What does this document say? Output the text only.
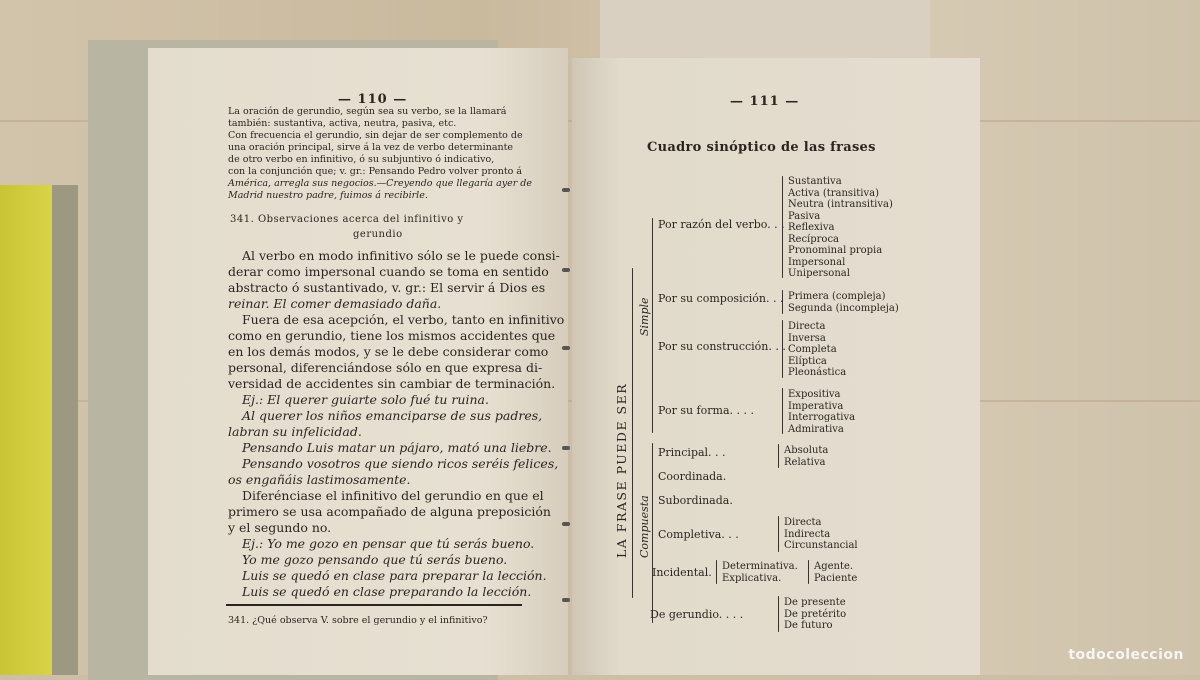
— 110 —
La oración de gerundio, según sea su verbo, se la llamará
también: sustantiva, activa, neutra, pasiva, etc.
Con frecuencia el gerundio, sin dejar de ser complemento de
una oración principal, sirve á la vez de verbo determinante
de otro verbo en infinitivo, ó su subjuntivo ó indicativo,
con la conjunción que; v. gr.: Pensando Pedro volver pronto á
América, arregla sus negocios.—Creyendo que llegaría ayer de
Madrid nuestro padre, fuimos á recibirle.
341. Observaciones acerca del infinitivo y
gerundio
Al verbo en modo infinitivo sólo se le puede consi-
derar como impersonal cuando se toma en sentido
abstracto ó sustantivado, v. gr.: El servir á Dios es
reinar. El comer demasiado daña.
Fuera de esa acepción, el verbo, tanto en infinitivo
como en gerundio, tiene los mismos accidentes que
en los demás modos, y se le debe considerar como
personal, diferenciándose sólo en que expresa di-
versidad de accidentes sin cambiar de terminación.
Ej.: El querer guiarte solo fué tu ruina.
Al querer los niños emanciparse de sus padres,
labran su infelicidad.
Pensando Luis matar un pájaro, mató una liebre.
Pensando vosotros que siendo ricos seréis felices,
os engañáis lastimosamente.
Diferénciase el infinitivo del gerundio en que el
primero se usa acompañado de alguna preposición
y el segundo no.
Ej.: Yo me gozo en pensar que tú serás bueno.
Yo me gozo pensando que tú serás bueno.
Luis se quedó en clase para preparar la lección.
Luis se quedó en clase preparando la lección.
341. ¿Qué observa V. sobre el gerundio y el infinitivo?
— 111 —
Cuadro sinóptico de las frases
LA FRASE PUEDE SER
Simple
Compuesta
Por razón del verbo. . .
Sustantiva
Activa (transitiva)
Neutra (intransitiva)
Pasiva
Reflexiva
Recíproca
Pronominal propia
Impersonal
Unipersonal
Por su composición. . . Primera (compleja)
Segunda (incompleja)
Por su construcción. . .
Directa
Inversa
Completa
Elíptica
Pleonástica
Por su forma. . . .
Expositiva
Imperativa
Interrogativa
Admirativa
Principal. . .	Absoluta
Relativa
Coordinada.
Subordinada.
Completiva. . .
Directa
Indirecta
Circunstancial
Incidental. Determinativa.
Explicativa.
Agente.
Paciente
De gerundio. . . .
De presente
De pretérito
De futuro
todocoleccion
